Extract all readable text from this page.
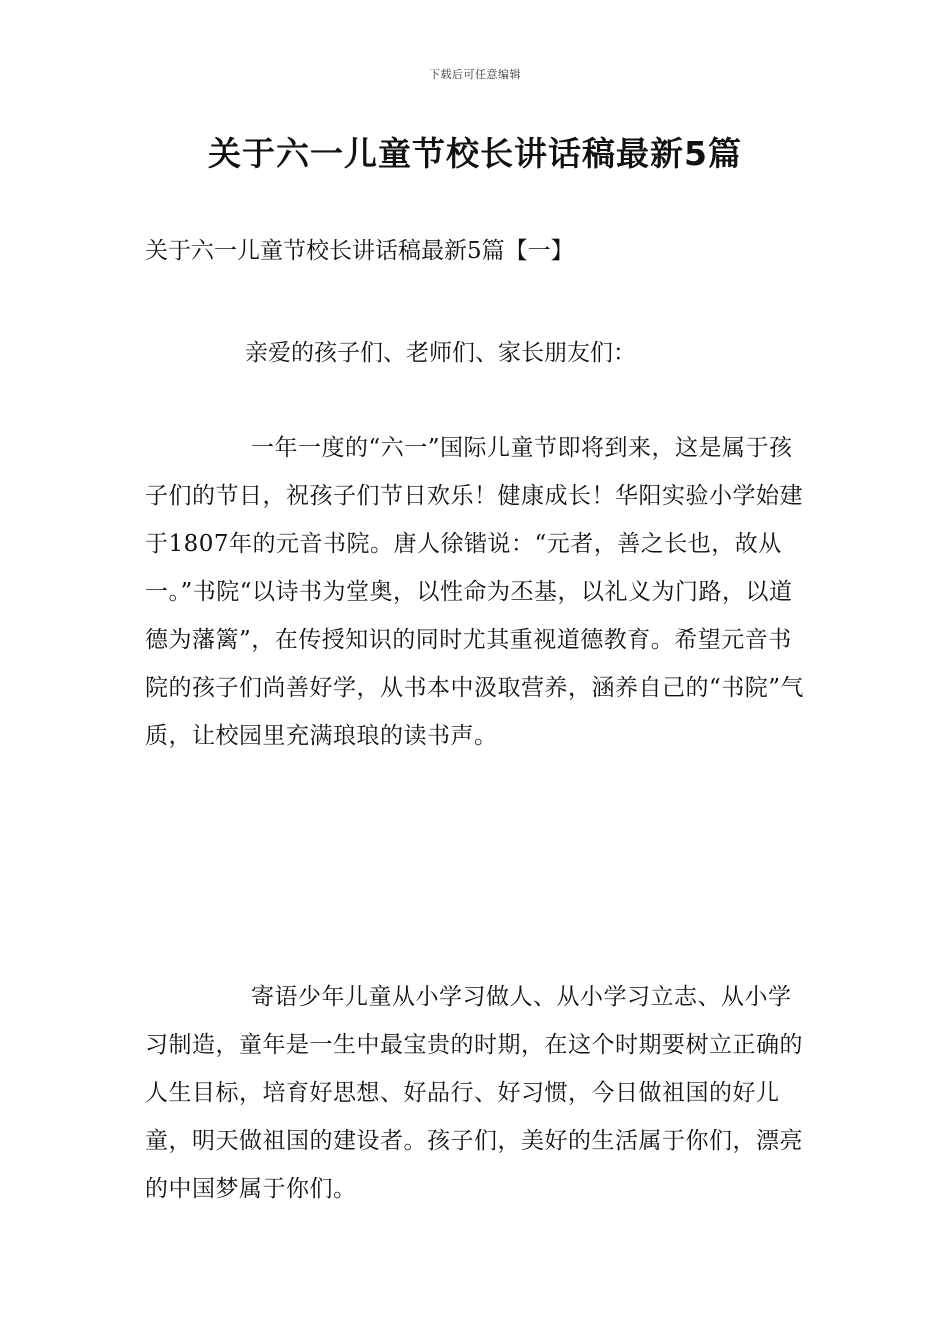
下载后可任意编辑
关于六一儿童节校长讲话稿最新5篇
关于六一儿童节校长讲话稿最新5篇【一】

亲爱的孩子们、老师们、家长朋友们：

一年一度的“六一”国际儿童节即将到来，这是属于孩子们的节日，祝孩子们节日欢乐！健康成长！华阳实验小学始建于1807年的元音书院。唐人徐锴说：“元者，善之长也，故从一。”书院“以诗书为堂奥，以性命为丕基，以礼义为门路，以道德为藩篱”，在传授知识的同时尤其重视道德教育。希望元音书院的孩子们尚善好学，从书本中汲取营养，涵养自己的“书院”气质，让校园里充满琅琅的读书声。

寄语少年儿童从小学习做人、从小学习立志、从小学习制造，童年是一生中最宝贵的时期，在这个时期要树立正确的人生目标，培育好思想、好品行、好习惯，今日做祖国的好儿童，明天做祖国的建设者。孩子们，美好的生活属于你们，漂亮的中国梦属于你们。
